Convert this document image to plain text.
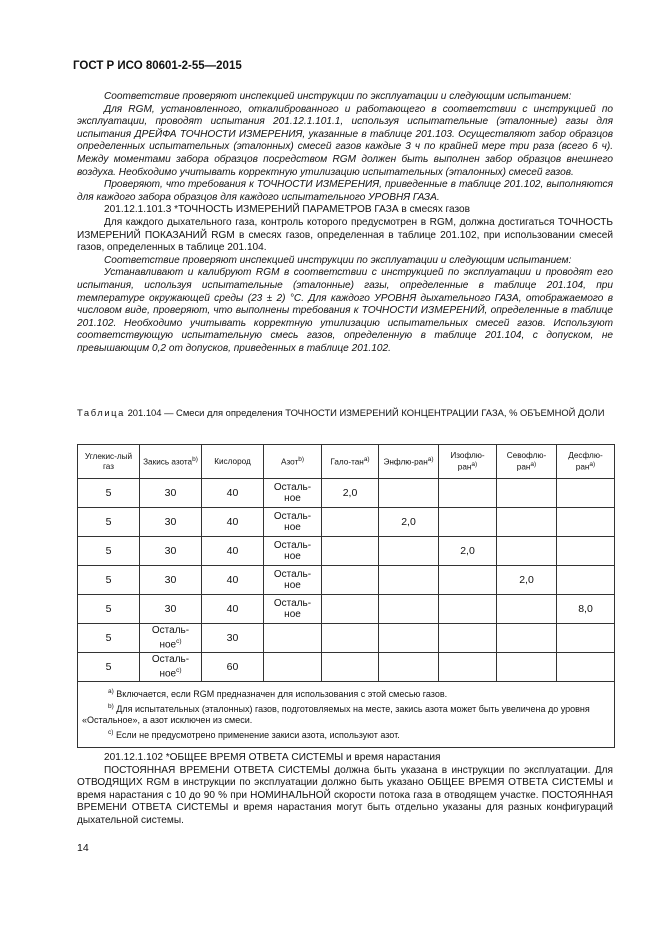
ГОСТ Р ИСО 80601-2-55—2015

Соответствие проверяют инспекцией инструкции по эксплуатации и следующим испытанием:

Для RGM, установленного, откалиброванного и работающего в соответствии с инструкцией по эксплуатации, проводят испытания 201.12.1.101.1, используя испытательные (эталонные) газы для испытания ДРЕЙФА ТОЧНОСТИ ИЗМЕРЕНИЯ, указанные в таблице 201.103. Осуществляют забор образцов определенных испытательных (эталонных) смесей газов каждые 3 ч по крайней мере три раза (всего 6 ч). Между моментами забора образцов посредством RGM должен быть выполнен забор образцов внешнего воздуха. Необходимо учитывать корректную утилизацию испытательных (эталонных) смесей газов.

Проверяют, что требования к ТОЧНОСТИ ИЗМЕРЕНИЯ, приведенные в таблице 201.102, выполняются для каждого забора образцов для каждого испытательного УРОВНЯ ГАЗА.

201.12.1.101.3 *ТОЧНОСТЬ ИЗМЕРЕНИЙ ПАРАМЕТРОВ ГАЗА в смесях газов

Для каждого дыхательного газа, контроль которого предусмотрен в RGM, должна достигаться ТОЧНОСТЬ ИЗМЕРЕНИЙ ПОКАЗАНИЙ RGM в смесях газов, определенная в таблице 201.102, при использовании смесей газов, определенных в таблице 201.104.

Соответствие проверяют инспекцией инструкции по эксплуатации и следующим испытанием:

Устанавливают и калибруют RGM в соответствии с инструкцией по эксплуатации и проводят его испытания, используя испытательные (эталонные) газы, определенные в таблице 201.104, при температуре окружающей среды (23 ± 2) °С. Для каждого УРОВНЯ дыхательного ГАЗА, отображаемого в числовом виде, проверяют, что выполнены требования к ТОЧНОСТИ ИЗМЕРЕНИЙ, определенные в таблице 201.102. Необходимо учитывать корректную утилизацию испытательных смесей газов. Используют соответствующую испытательную смесь газов, определенную в таблице 201.104, с допуском, не превышающим 0,2 от допусков, приведенных в таблице 201.102.

Таблица 201.104 — Смеси для определения ТОЧНОСТИ ИЗМЕРЕНИЙ КОНЦЕНТРАЦИИ ГАЗА, % ОБЪЕМНОЙ ДОЛИ
Углекис-лый газ	Закись азота$^{b)}$	Кислород	Азот$^{b)}$	Гало-тан$^{a)}$	Энфлю-ран$^{a)}$	Изофлю-ран$^{a)}$	Севофлю-ран$^{a)}$	Десфлю-ран$^{a)}$
5	30	40	Осталь-ное	2,0				
5	30	40	Осталь-ное		2,0			
5	30	40	Осталь-ное			2,0		
5	30	40	Осталь-ное				2,0	
5	30	40	Осталь-ное					8,0
5	Осталь-ное$^{c)}$	30						
5	Осталь-ное$^{c)}$	60						

$^{a)}$ Включается, если RGM предназначен для использования с этой смесью газов.

$^{b)}$ Для испытательных (эталонных) газов, подготовляемых на месте, закись азота может быть увеличена до уровня «Остальное», а азот исключен из смеси.

$^{c)}$ Если не предусмотрено применение закиси азота, используют азот.								

201.12.1.102 *ОБЩЕЕ ВРЕМЯ ОТВЕТА СИСТЕМЫ и время нарастания

ПОСТОЯННАЯ ВРЕМЕНИ ОТВЕТА СИСТЕМЫ должна быть указана в инструкции по эксплуатации. Для ОТВОДЯЩИХ RGM в инструкции по эксплуатации должно быть указано ОБЩЕЕ ВРЕМЯ ОТВЕТА СИСТЕМЫ и время нарастания с 10 до 90 % при НОМИНАЛЬНОЙ скорости потока газа в отводящем участке. ПОСТОЯННАЯ ВРЕМЕНИ ОТВЕТА СИСТЕМЫ и время нарастания могут быть отдельно указаны для разных конфигураций дыхательной системы.

14
